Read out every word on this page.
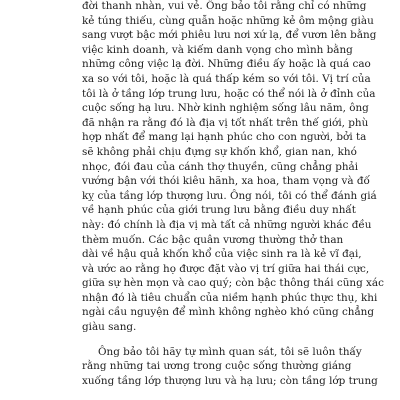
đời thanh nhàn, vui vẻ. Ông bảo tôi rằng chỉ có những
kẻ túng thiếu, cùng quẫn hoặc những kẻ ôm mộng giàu
sang vượt bậc mới phiêu lưu nơi xứ lạ, để vươn lên bằng
việc kinh doanh, và kiếm danh vọng cho mình bằng
những công việc lạ đời. Những điều ấy hoặc là quá cao
xa so với tôi, hoặc là quá thấp kém so với tôi. Vị trí của
tôi là ở tầng lớp trung lưu, hoặc có thể nói là ở đỉnh của
cuộc sống hạ lưu. Nhờ kinh nghiệm sống lâu năm, ông
đã nhận ra rằng đó là địa vị tốt nhất trên thế giới, phù
hợp nhất để mang lại hạnh phúc cho con người, bởi ta
sẽ không phải chịu đựng sự khốn khổ, gian nan, khó
nhọc, đói đau của cánh thợ thuyền, cũng chẳng phải
vướng bận với thói kiêu hãnh, xa hoa, tham vọng và đố
kỵ của tầng lớp thượng lưu. Ông nói, tôi có thể đánh giá
về hạnh phúc của giới trung lưu bằng điều duy nhất
này: đó chính là địa vị mà tất cả những người khác đều
thèm muốn. Các bậc quân vương thường thở than
dài về hậu quả khốn khổ của việc sinh ra là kẻ vĩ đại,
và ước ao rằng họ được đặt vào vị trí giữa hai thái cực,
giữa sự hèn mọn và cao quý; còn bậc thông thái cũng xác
nhận đó là tiêu chuẩn của niềm hạnh phúc thực thụ, khi
ngài cầu nguyện để mình không nghèo khó cũng chẳng
giàu sang.
Ông bảo tôi hãy tự mình quan sát, tôi sẽ luôn thấy
rằng những tai ương trong cuộc sống thường giáng
xuống tầng lớp thượng lưu và hạ lưu; còn tầng lớp trung
